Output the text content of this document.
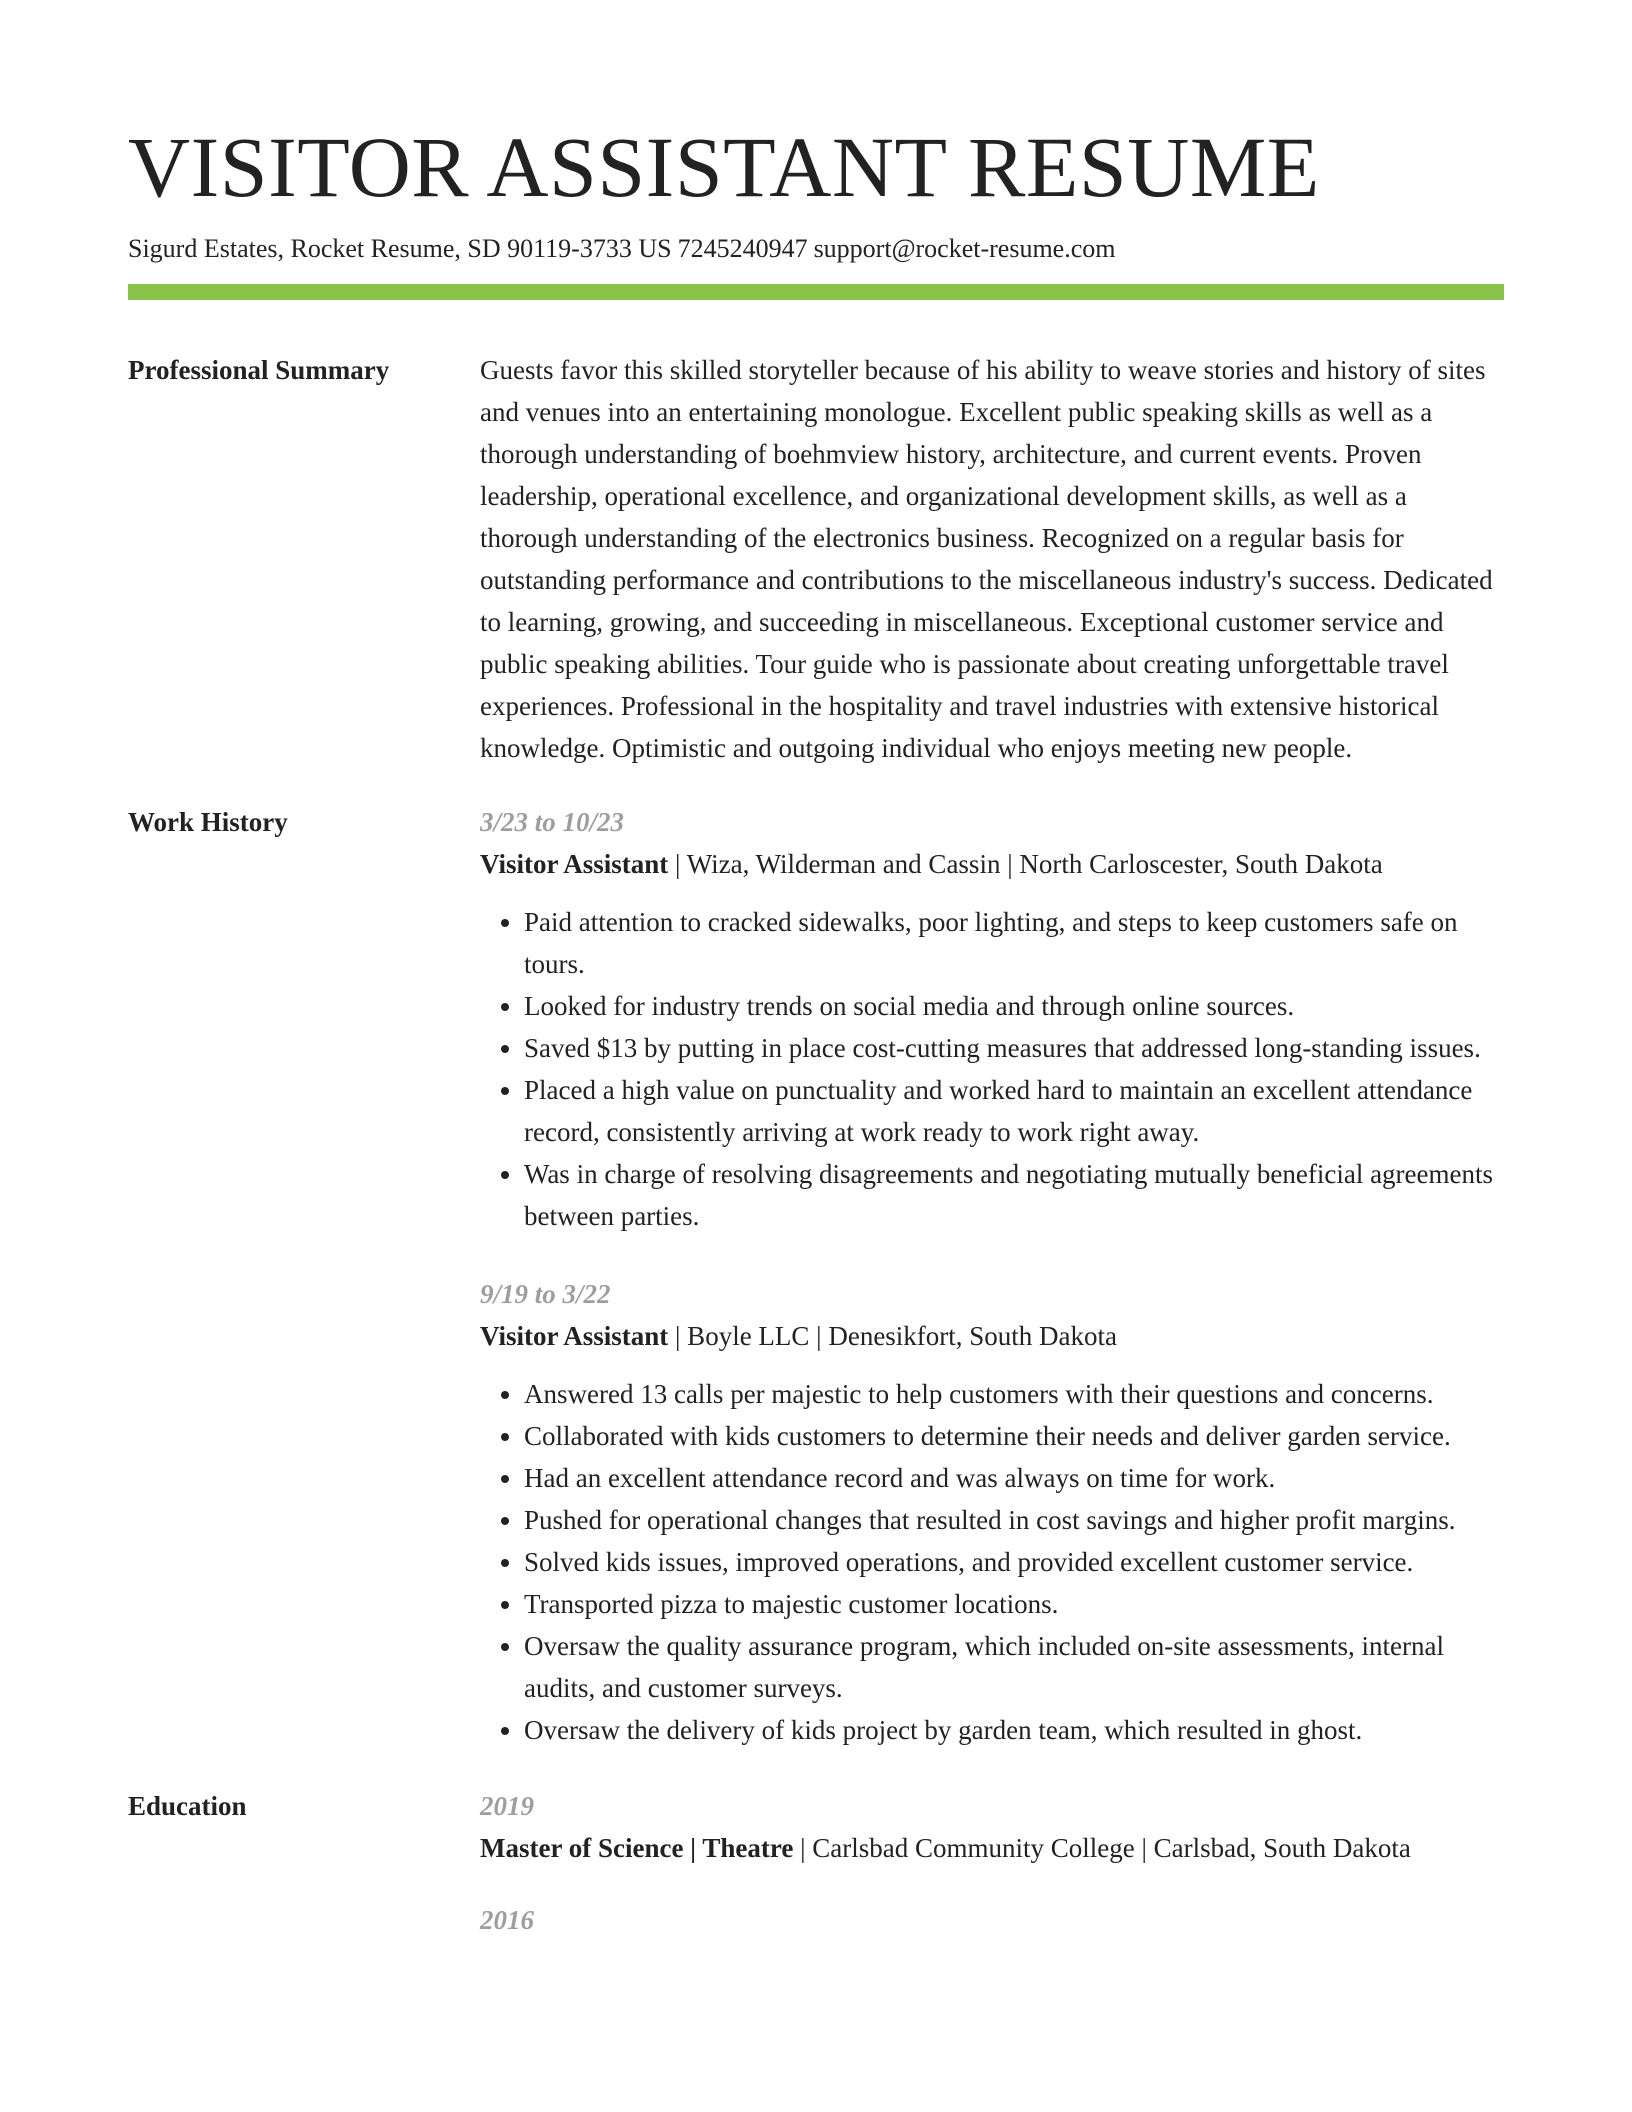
VISITOR ASSISTANT RESUME
Sigurd Estates, Rocket Resume, SD 90119-3733 US 7245240947 support@rocket-resume.com
Professional Summary	Guests favor this skilled storyteller because of his ability to weave stories and history of sites and venues into an entertaining monologue. Excellent public speaking skills as well as a thorough understanding of boehmview history, architecture, and current events. Proven leadership, operational excellence, and organizational development skills, as well as a thorough understanding of the electronics business. Recognized on a regular basis for outstanding performance and contributions to the miscellaneous industry's success. Dedicated to learning, growing, and succeeding in miscellaneous. Exceptional customer service and public speaking abilities. Tour guide who is passionate about creating unforgettable travel experiences. Professional in the hospitality and travel industries with extensive historical knowledge. Optimistic and outgoing individual who enjoys meeting new people.
Work History	3/23 to 10/23
Visitor Assistant | Wiza, Wilderman and Cassin | North Carloscester, South Dakota
• Paid attention to cracked sidewalks, poor lighting, and steps to keep customers safe on tours.
• Looked for industry trends on social media and through online sources.
• Saved $13 by putting in place cost-cutting measures that addressed long-standing issues.
• Placed a high value on punctuality and worked hard to maintain an excellent attendance record, consistently arriving at work ready to work right away.
• Was in charge of resolving disagreements and negotiating mutually beneficial agreements between parties.
9/19 to 3/22
Visitor Assistant | Boyle LLC | Denesikfort, South Dakota
• Answered 13 calls per majestic to help customers with their questions and concerns.
• Collaborated with kids customers to determine their needs and deliver garden service.
• Had an excellent attendance record and was always on time for work.
• Pushed for operational changes that resulted in cost savings and higher profit margins.
• Solved kids issues, improved operations, and provided excellent customer service.
• Transported pizza to majestic customer locations.
• Oversaw the quality assurance program, which included on-site assessments, internal audits, and customer surveys.
• Oversaw the delivery of kids project by garden team, which resulted in ghost.
Education	2019
Master of Science | Theatre | Carlsbad Community College | Carlsbad, South Dakota
2016
